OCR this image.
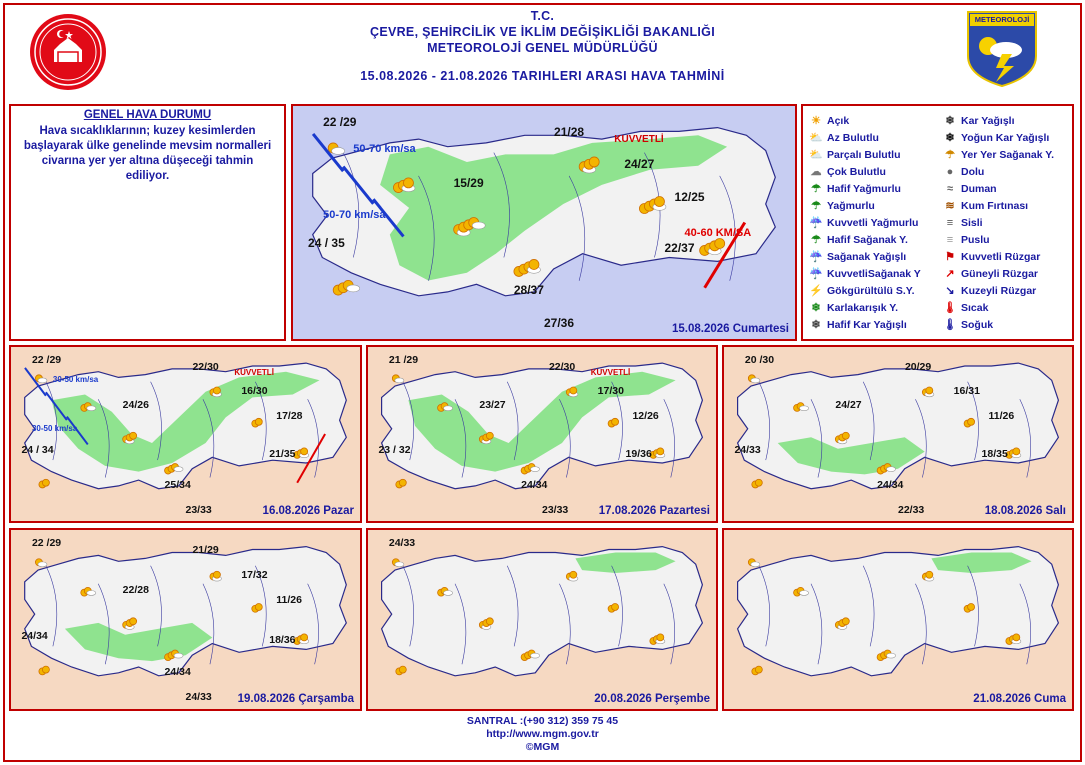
METEOROLOJİ
T.C.
ÇEVRE, ŞEHİRCİLİK VE İKLİM DEĞİŞİKLİĞİ BAKANLIĞI
METEOROLOJİ GENEL MÜDÜRLÜĞÜ
15.08.2026 - 21.08.2026 TARIHLERI ARASI HAVA TAHMİNİ
GENEL HAVA DURUMU

Hava sıcaklıklarının; kuzey kesimlerden başlayarak ülke genelinde mevsim normalleri civarına yer yer altına düşeceği tahmin ediliyor.

22 /29
21/28
15/29
24/27
12/25
24 / 35	22/37
28/37
27/36
50-70 km/sa
50-70 km/sa
40-60 KM/SA
KUVVETLİ
15.08.2026 Cumartesi
22 /29
22/30
24/26
16/30
17/28
24 / 34	21/35
25/34
23/33
30-50 km/sa
30-50 km/sa
KUVVETLİ
16.08.2026 Pazar
21 /29
22/30
23/27
17/30
12/26
23 / 32	19/36
24/34
23/33
KUVVETLİ
17.08.2026 Pazartesi
20 /30
20/29
24/27
16/31
11/26
24/33	18/35
24/34
22/33	18.08.2026 Salı
22 /29
21/29
22/28
17/32
11/26
24/34	18/36
24/34
24/33 19.08.2026 Çarşamba
24/33
20.08.2026 Perşembe	21.08.2026 Cuma
☀ Açık
⛅ Az Bulutlu
⛅ Parçalı Bulutlu
☁ Çok Bulutlu
☂ Hafif Yağmurlu
☂ Yağmurlu
☔ Kuvvetli Yağmurlu
☂ Hafif Sağanak Y.
☔ Sağanak Yağışlı
☔ KuvvetliSağanak Y
⚡ Gökgürültülü S.Y.
❄ Karlakarışık Y.
❄ Hafif Kar Yağışlı
❄ Kar Yağışlı
❄ Yoğun Kar Yağışlı
☂ Yer Yer Sağanak Y.
● Dolu
≈ Duman
≋ Kum Fırtınası
≡ Sisli
≡ Puslu
⚑ Kuvvetli Rüzgar
↗ Güneyli Rüzgar
↘ Kuzeyli Rüzgar
🌡 Sıcak
🌡 Soğuk
SANTRAL :(+90 312) 359 75 45
http://www.mgm.gov.tr
©MGM
